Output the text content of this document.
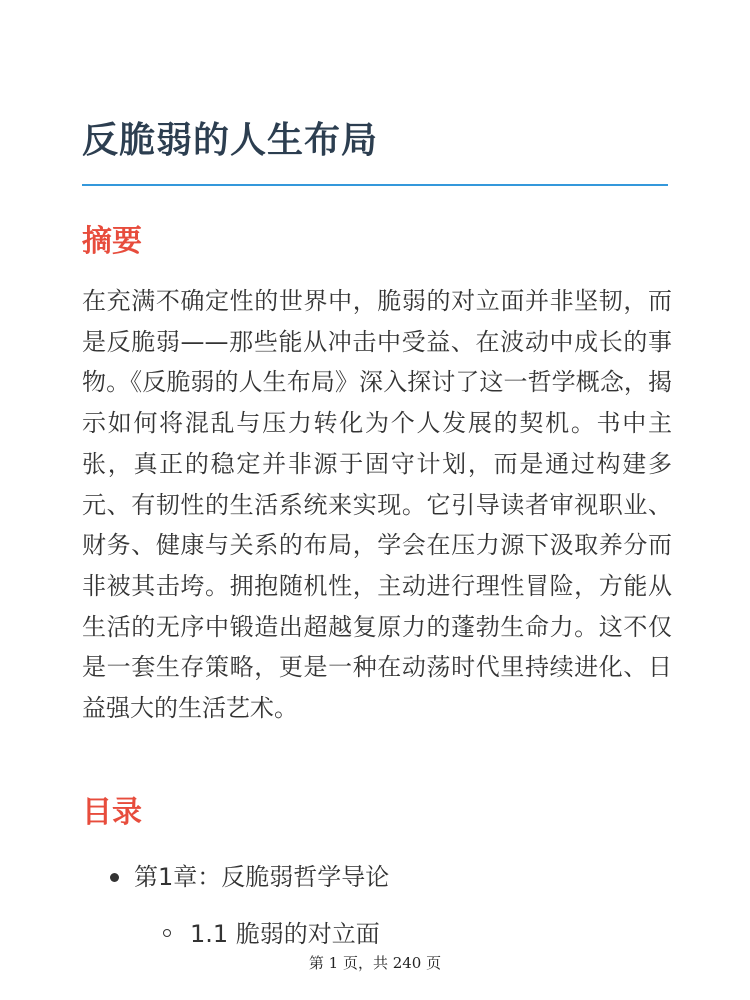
反脆弱的人生布局
摘要

在充满不确定性的世界中，脆弱的对立面并非坚韧，而是反脆弱——那些能从冲击中受益、在波动中成长的事物。《反脆弱的人生布局》深入探讨了这一哲学概念，揭示如何将混乱与压力转化为个人发展的契机。书中主张，真正的稳定并非源于固守计划，而是通过构建多元、有韧性的生活系统来实现。它引导读者审视职业、财务、健康与关系的布局，学会在压力源下汲取养分而非被其击垮。拥抱随机性，主动进行理性冒险，方能从生活的无序中锻造出超越复原力的蓬勃生命力。这不仅是一套生存策略，更是一种在动荡时代里持续进化、日益强大的生活艺术。

目录
第1章：反脆弱哲学导论
1.1 脆弱的对立面
第 1 页，共 240 页
